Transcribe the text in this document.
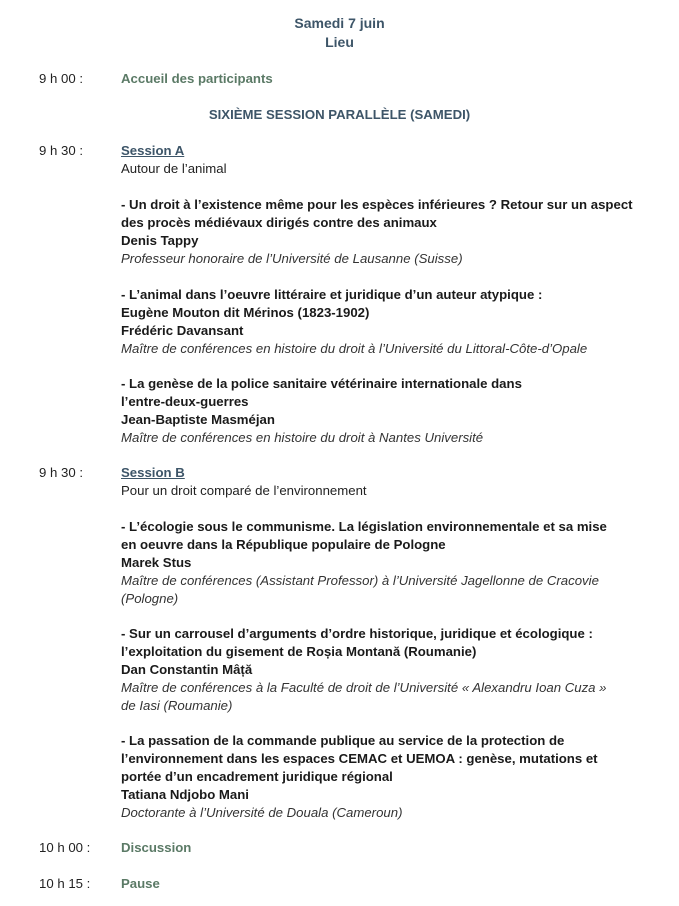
Samedi 7 juin
Lieu
9 h 00 :	Accueil des participants
SIXIÈME SESSION PARALLÈLE (SAMEDI)
9 h 30 :	Session A
Autour de l’animal
- Un droit à l’existence même pour les espèces inférieures ? Retour sur un aspect
des procès médiévaux dirigés contre des animaux
Denis Tappy
Professeur honoraire de l’Université de Lausanne (Suisse)
- L’animal dans l’oeuvre littéraire et juridique d’un auteur atypique :
Eugène Mouton dit Mérinos (1823-1902)
Frédéric Davansant
Maître de conférences en histoire du droit à l’Université du Littoral-Côte-d’Opale
- La genèse de la police sanitaire vétérinaire internationale dans
l’entre-deux-guerres
Jean-Baptiste Masméjan
Maître de conférences en histoire du droit à Nantes Université
9 h 30 :	Session B
Pour un droit comparé de l’environnement
- L’écologie sous le communisme. La législation environnementale et sa mise
en oeuvre dans la République populaire de Pologne
Marek Stus
Maître de conférences (Assistant Professor) à l’Université Jagellonne de Cracovie
(Pologne)
- Sur un carrousel d’arguments d’ordre historique, juridique et écologique :
l’exploitation du gisement de Roșia Montană (Roumanie)
Dan Constantin Mâță
Maître de conférences à la Faculté de droit de l’Université « Alexandru Ioan Cuza »
de Iasi (Roumanie)
- La passation de la commande publique au service de la protection de
l’environnement dans les espaces CEMAC et UEMOA : genèse, mutations et
portée d’un encadrement juridique régional
Tatiana Ndjobo Mani
Doctorante à l’Université de Douala (Cameroun)
10 h 00 : Discussion
10 h 15 : Pause
